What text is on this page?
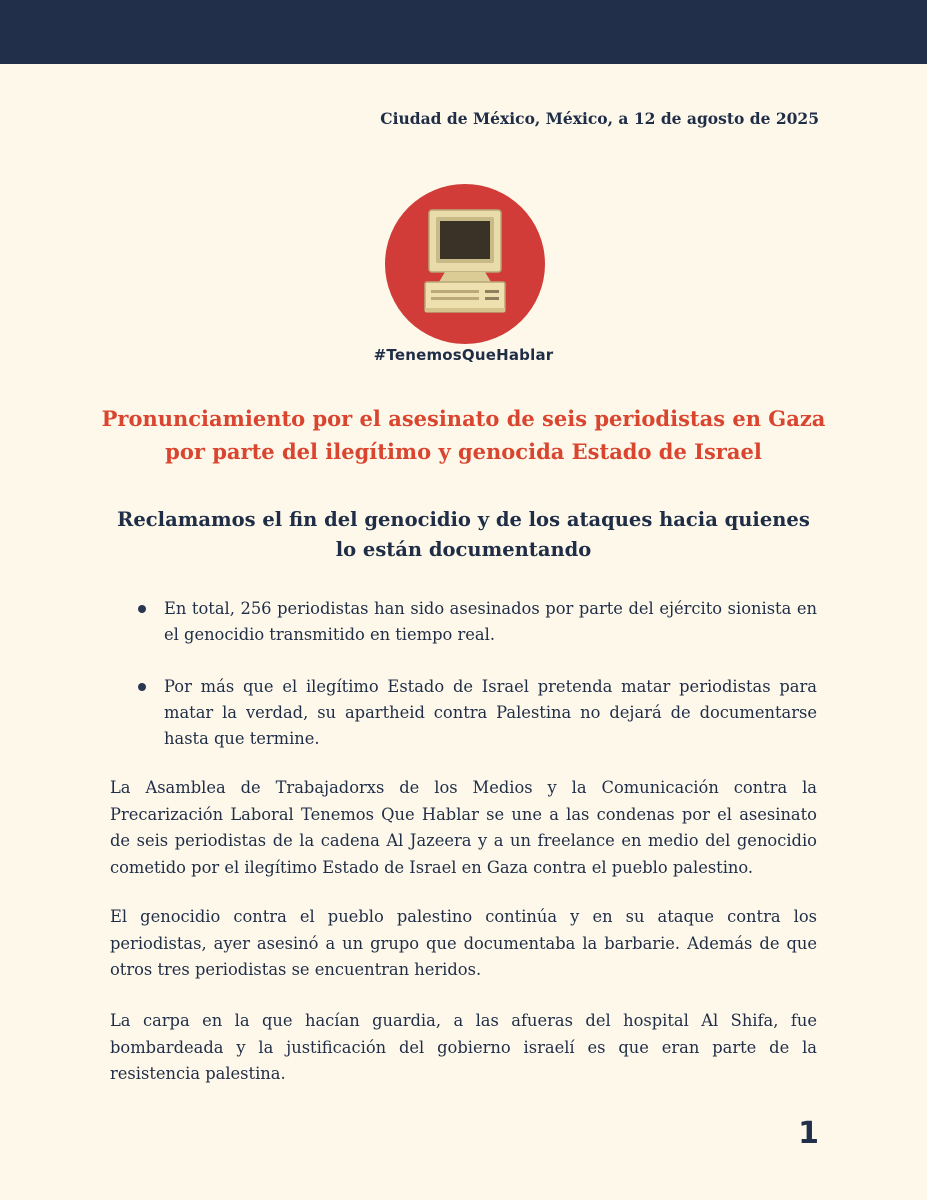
Ciudad de México, México, a 12 de agosto de 2025
#TenemosQueHablar
Pronunciamiento por el asesinato de seis periodistas en Gaza por parte del ilegítimo y genocida Estado de Israel
Reclamamos el fin del genocidio y de los ataques hacia quienes lo están documentando
En total, 256 periodistas han sido asesinados por parte del ejército sionista en el genocidio transmitido en tiempo real.
Por más que el ilegítimo Estado de Israel pretenda matar periodistas para matar la verdad, su apartheid contra Palestina no dejará de documentarse hasta que termine.

La Asamblea de Trabajadorxs de los Medios y la Comunicación contra la Precarización Laboral Tenemos Que Hablar se une a las condenas por el asesinato de seis periodistas de la cadena Al Jazeera y a un freelance en medio del genocidio cometido por el ilegítimo Estado de Israel en Gaza contra el pueblo palestino.

El genocidio contra el pueblo palestino continúa y en su ataque contra los periodistas, ayer asesinó a un grupo que documentaba la barbarie. Además de que otros tres periodistas se encuentran heridos.

La carpa en la que hacían guardia, a las afueras del hospital Al Shifa, fue bombardeada y la justificación del gobierno israelí es que eran parte de la resistencia palestina.

1
